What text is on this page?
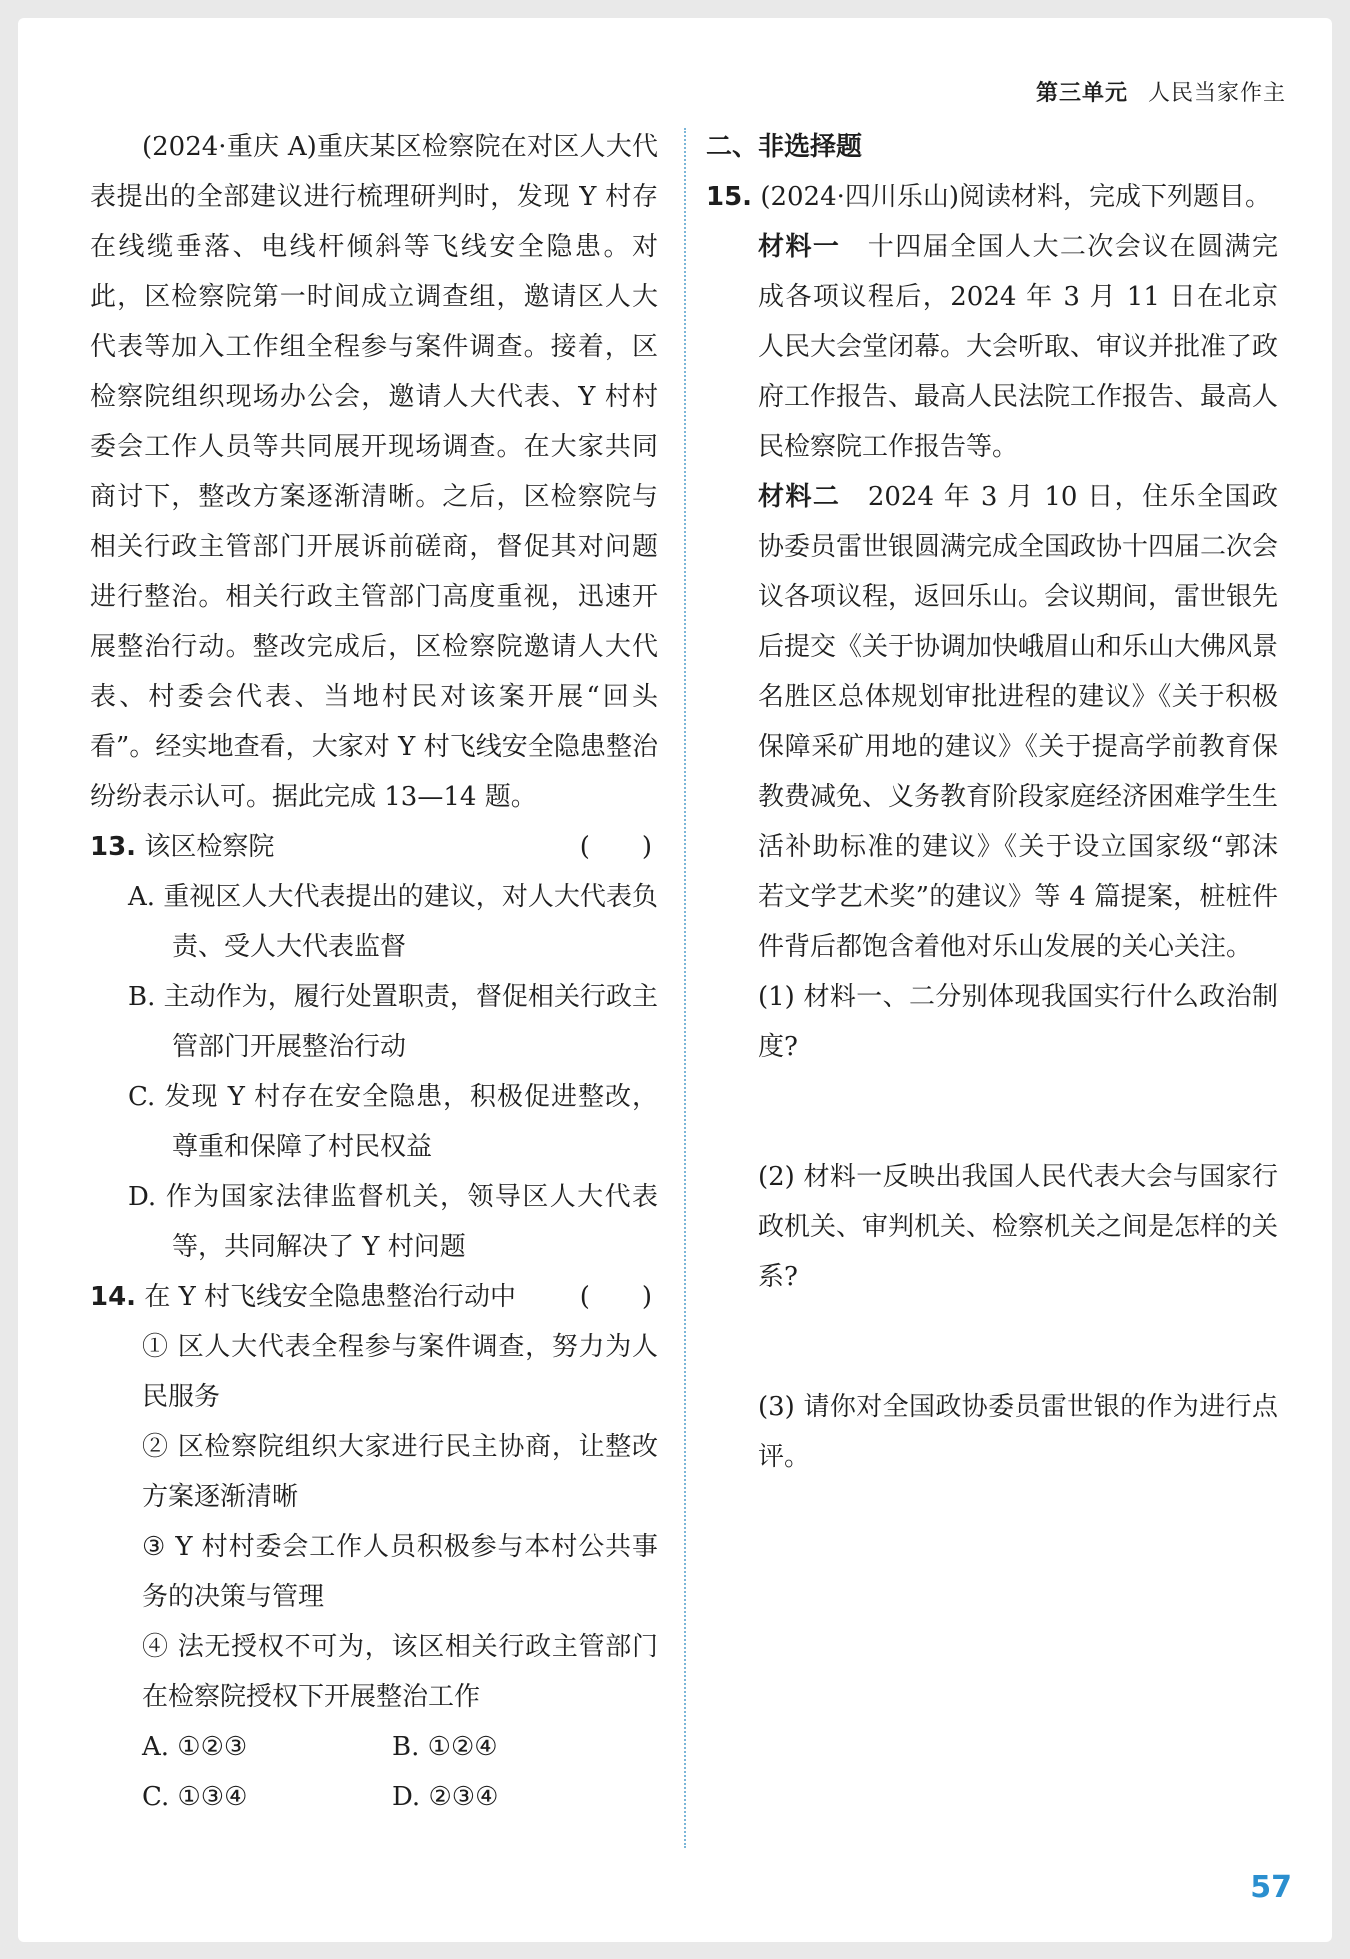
第三单元 人民当家作主

(2024·重庆 A)重庆某区检察院在对区人大代表提出的全部建议进行梳理研判时，发现 Y 村存在线缆垂落、电线杆倾斜等飞线安全隐患。对此，区检察院第一时间成立调查组，邀请区人大代表等加入工作组全程参与案件调查。接着，区检察院组织现场办公会，邀请人大代表、Y 村村委会工作人员等共同展开现场调查。在大家共同商讨下，整改方案逐渐清晰。之后，区检察院与相关行政主管部门开展诉前磋商，督促其对问题进行整治。相关行政主管部门高度重视，迅速开展整治行动。整改完成后，区检察院邀请人大代表、村委会代表、当地村民对该案开展“回头看”。经实地查看，大家对 Y 村飞线安全隐患整治纷纷表示认可。据此完成 13—14 题。

13. 该区检察院	(　　)

A. 重视区人大代表提出的建议，对人大代表负责、受人大代表监督

B. 主动作为，履行处置职责，督促相关行政主管部门开展整治行动

C. 发现 Y 村存在安全隐患，积极促进整改，尊重和保障了村民权益

D. 作为国家法律监督机关，领导区人大代表等，共同解决了 Y 村问题

14. 在 Y 村飞线安全隐患整治行动中 (　　)

① 区人大代表全程参与案件调查，努力为人民服务

② 区检察院组织大家进行民主协商，让整改方案逐渐清晰

③ Y 村村委会工作人员积极参与本村公共事务的决策与管理

④ 法无授权不可为，该区相关行政主管部门在检察院授权下开展整治工作

A. ①②③	B. ①②④
C. ①③④	D. ②③④

二、非选择题

15. (2024·四川乐山)阅读材料，完成下列题目。

材料一　十四届全国人大二次会议在圆满完成各项议程后，2024 年 3 月 11 日在北京人民大会堂闭幕。大会听取、审议并批准了政府工作报告、最高人民法院工作报告、最高人民检察院工作报告等。

材料二　2024 年 3 月 10 日，住乐全国政协委员雷世银圆满完成全国政协十四届二次会议各项议程，返回乐山。会议期间，雷世银先后提交《关于协调加快峨眉山和乐山大佛风景名胜区总体规划审批进程的建议》《关于积极保障采矿用地的建议》《关于提高学前教育保教费减免、义务教育阶段家庭经济困难学生生活补助标准的建议》《关于设立国家级“郭沫若文学艺术奖”的建议》等 4 篇提案，桩桩件件背后都饱含着他对乐山发展的关心关注。

(1) 材料一、二分别体现我国实行什么政治制度?

(2) 材料一反映出我国人民代表大会与国家行政机关、审判机关、检察机关之间是怎样的关系?

(3) 请你对全国政协委员雷世银的作为进行点评。

57
